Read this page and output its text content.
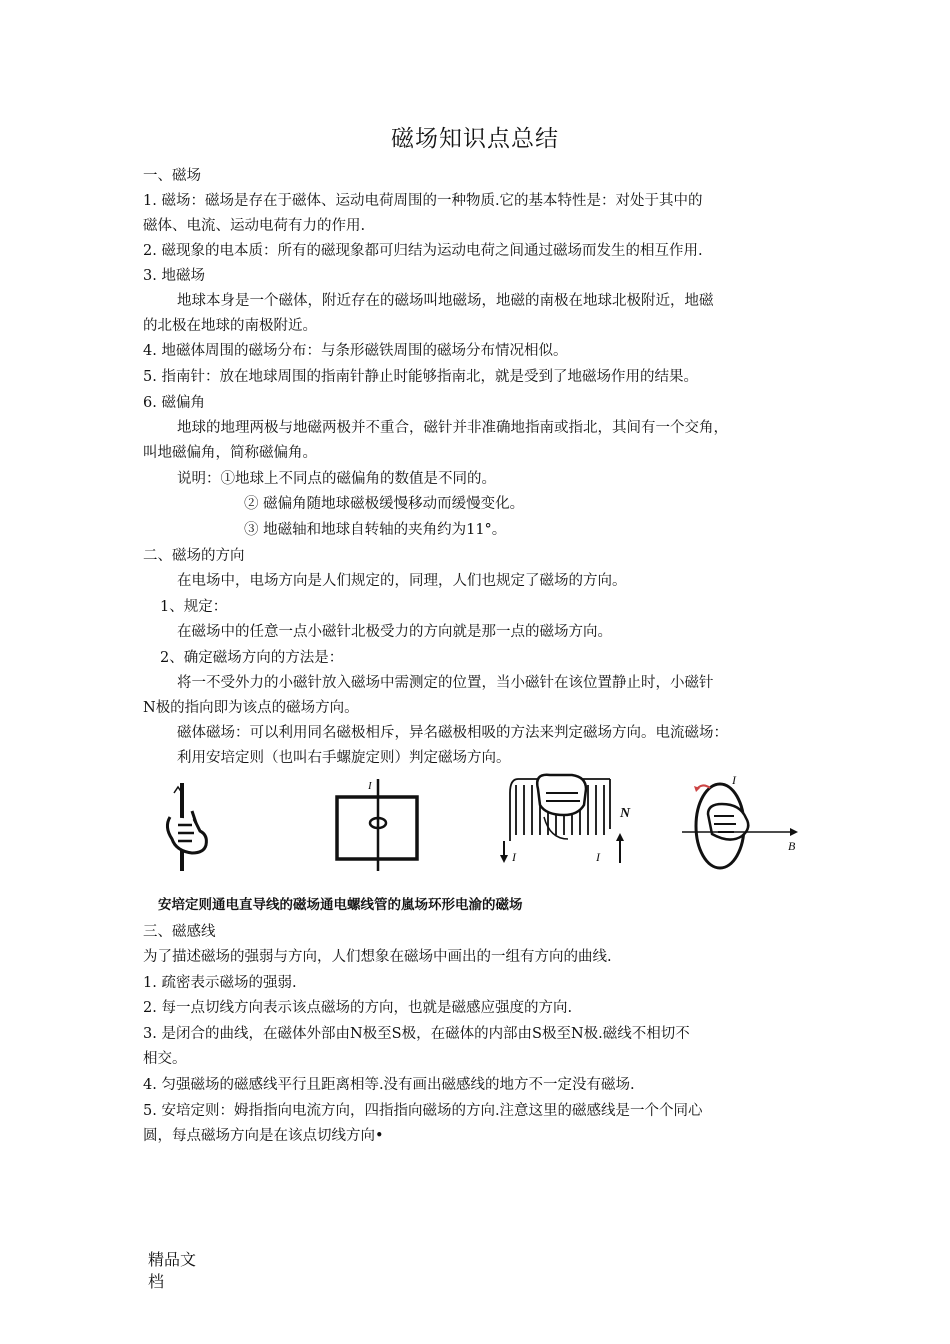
磁场知识点总结
一、磁场
1. 磁场：磁场是存在于磁体、运动电荷周围的一种物质.它的基本特性是：对处于其中的
磁体、电流、运动电荷有力的作用.
2. 磁现象的电本质：所有的磁现象都可归结为运动电荷之间通过磁场而发生的相互作用.
3. 地磁场
地球本身是一个磁体，附近存在的磁场叫地磁场，地磁的南极在地球北极附近，地磁
的北极在地球的南极附近。
4. 地磁体周围的磁场分布：与条形磁铁周围的磁场分布情况相似。
5. 指南针：放在地球周围的指南针静止时能够指南北，就是受到了地磁场作用的结果。
6. 磁偏角
地球的地理两极与地磁两极并不重合，磁针并非准确地指南或指北，其间有一个交角，
叫地磁偏角，简称磁偏角。
说明：①地球上不同点的磁偏角的数值是不同的。
② 磁偏角随地球磁极缓慢移动而缓慢变化。
③ 地磁轴和地球自转轴的夹角约为11°。
二、磁场的方向
在电场中，电场方向是人们规定的，同理，人们也规定了磁场的方向。
1、规定：
在磁场中的任意一点小磁针北极受力的方向就是那一点的磁场方向。
2、确定磁场方向的方法是：
将一不受外力的小磁针放入磁场中需测定的位置，当小磁针在该位置静止时，小磁针
N极的指向即为该点的磁场方向。
磁体磁场：可以利用同名磁极相斥，异名磁极相吸的方法来判定磁场方向。电流磁场：
利用安培定则（也叫右手螺旋定则）判定磁场方向。
I
N
I	I
I
B
安培定则通电直导线的磁场通电螺线管的嵐场环形电渝的磁场
三、磁感线
为了描述磁场的强弱与方向，人们想象在磁场中画出的一组有方向的曲线.
1. 疏密表示磁场的强弱.
2. 每一点切线方向表示该点磁场的方向，也就是磁感应强度的方向.
3. 是闭合的曲线，在磁体外部由N极至S极，在磁体的内部由S极至N极.磁线不相切不
相交。
4. 匀强磁场的磁感线平行且距离相等.没有画出磁感线的地方不一定没有磁场.
5. 安培定则：姆指指向电流方向，四指指向磁场的方向.注意这里的磁感线是一个个同心
圆，每点磁场方向是在该点切线方向•
精品文
档
